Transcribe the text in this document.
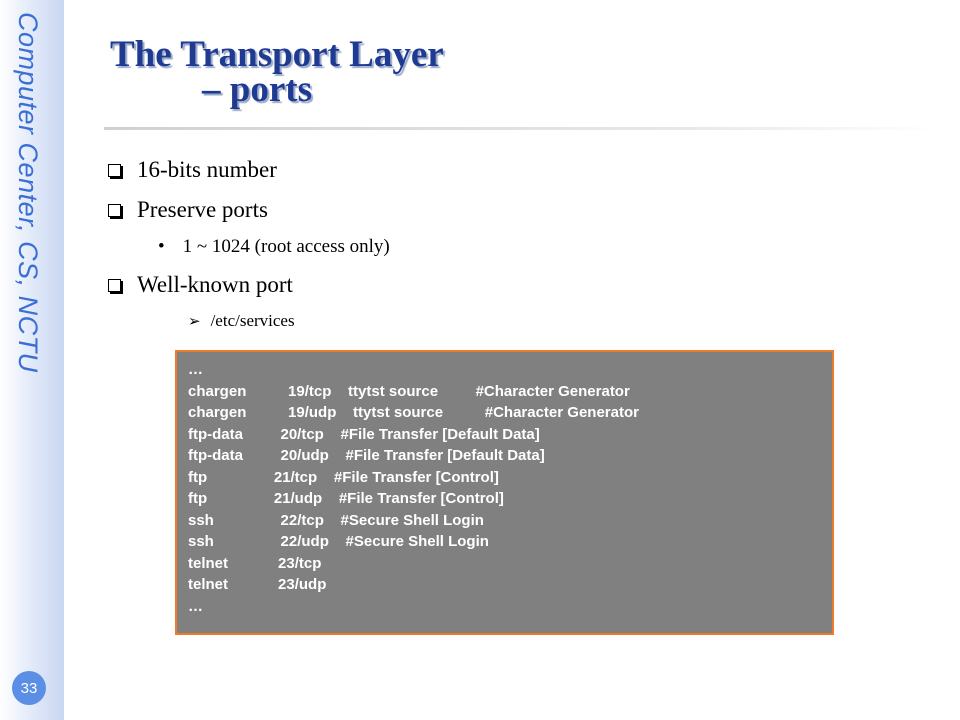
Computer Center, CS, NCTU
33
The Transport Layer
– ports
16-bits number
Preserve ports
• 1 ~ 1024 (root access only)
Well-known port
➢ /etc/services
…
chargen          19/tcp    ttytst source         #Character Generator
chargen          19/udp    ttytst source          #Character Generator
ftp-data         20/tcp    #File Transfer [Default Data]
ftp-data         20/udp    #File Transfer [Default Data]
ftp                21/tcp    #File Transfer [Control]
ftp                21/udp    #File Transfer [Control]
ssh                22/tcp    #Secure Shell Login
ssh                22/udp    #Secure Shell Login
telnet            23/tcp
telnet            23/udp
…
